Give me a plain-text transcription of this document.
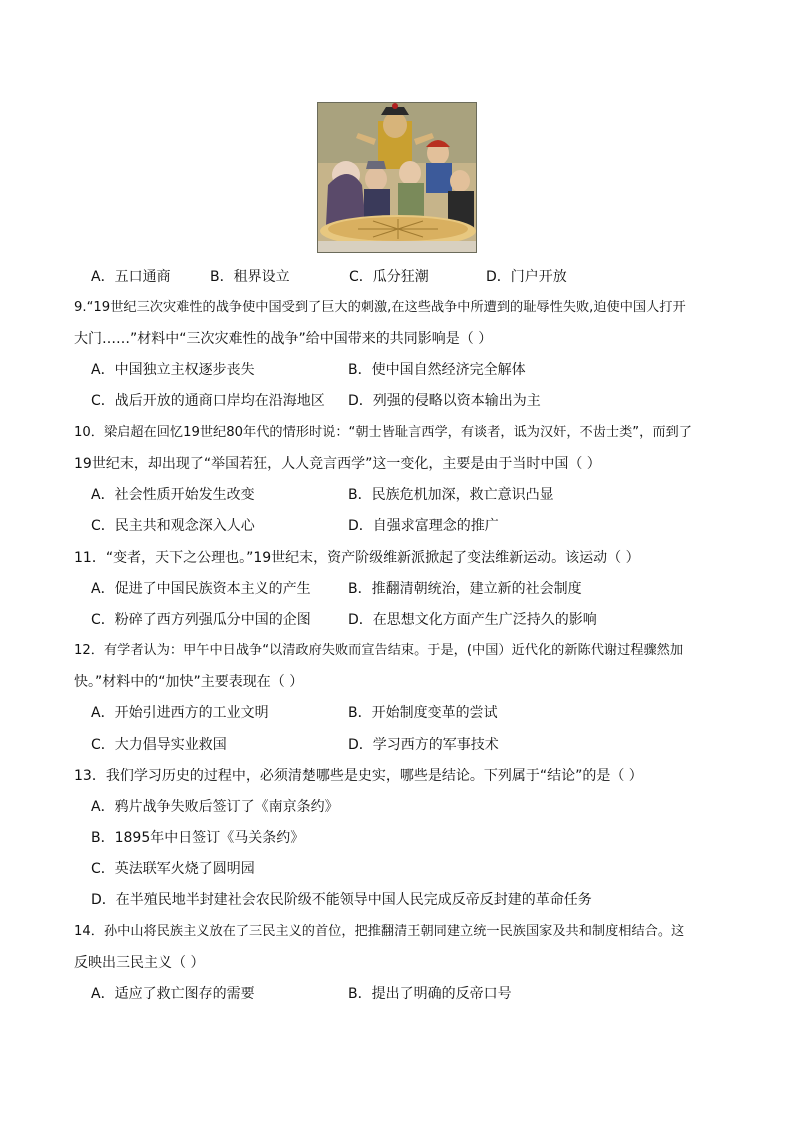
A．五口通商	B．租界设立	C．瓜分狂潮	D．门户开放
9.“19世纪三次灾难性的战争使中国受到了巨大的刺激,在这些战争中所遭到的耻辱性失败,迫使中国人打开
大门……”材料中“三次灾难性的战争”给中国带来的共同影响是（ ）
A．中国独立主权逐步丧失	B．使中国自然经济完全解体
C．战后开放的通商口岸均在沿海地区 D．列强的侵略以资本输出为主
10．梁启超在回忆19世纪80年代的情形时说：“朝士皆耻言西学，有谈者，诋为汉奸，不齿士类”，而到了
19世纪末，却出现了“举国若狂，人人竞言西学”这一变化，主要是由于当时中国（ ）
A．社会性质开始发生改变	B．民族危机加深，救亡意识凸显
C．民主共和观念深入人心	D．自强求富理念的推广
11．“变者，天下之公理也。”19世纪末，资产阶级维新派掀起了变法维新运动。该运动（ ）
A．促进了中国民族资本主义的产生	B．推翻清朝统治，建立新的社会制度
C．粉碎了西方列强瓜分中国的企图	D．在思想文化方面产生广泛持久的影响
12．有学者认为：甲午中日战争“以清政府失败而宣告结束。于是，(中国）近代化的新陈代谢过程骤然加
快。”材料中的“加快”主要表现在（ ）
A．开始引进西方的工业文明	B．开始制度变革的尝试
C．大力倡导实业救国	D．学习西方的军事技术
13．我们学习历史的过程中，必须清楚哪些是史实，哪些是结论。下列属于“结论”的是（ ）
A．鸦片战争失败后签订了《南京条约》
B．1895年中日签订《马关条约》
C．英法联军火烧了圆明园
D．在半殖民地半封建社会农民阶级不能领导中国人民完成反帝反封建的革命任务
14．孙中山将民族主义放在了三民主义的首位，把推翻清王朝同建立统一民族国家及共和制度相结合。这
反映出三民主义（ ）
A．适应了救亡图存的需要	B．提出了明确的反帝口号
